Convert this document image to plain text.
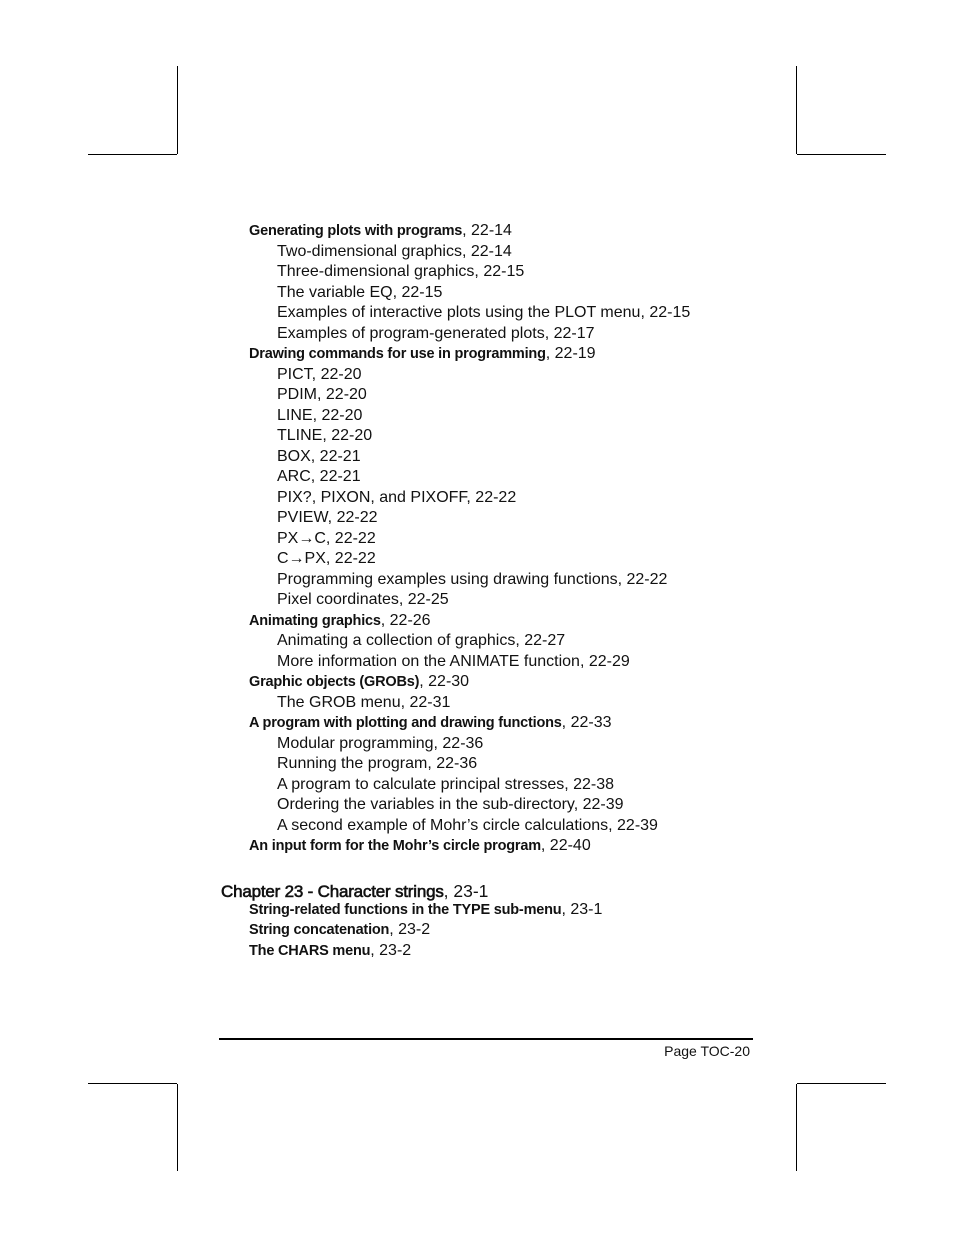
Generating plots with programs, 22-14
Two-dimensional graphics, 22-14
Three-dimensional graphics, 22-15
The variable EQ, 22-15
Examples of interactive plots using the PLOT menu, 22-15
Examples of program-generated plots, 22-17
Drawing commands for use in programming, 22-19
PICT, 22-20
PDIM, 22-20
LINE, 22-20
TLINE, 22-20
BOX, 22-21
ARC, 22-21
PIX?, PIXON, and PIXOFF, 22-22
PVIEW, 22-22
PX→C, 22-22
C→PX, 22-22
Programming examples using drawing functions, 22-22
Pixel coordinates, 22-25
Animating graphics, 22-26
Animating a collection of graphics, 22-27
More information on the ANIMATE function, 22-29
Graphic objects (GROBs), 22-30
The GROB menu, 22-31
A program with plotting and drawing functions, 22-33
Modular programming, 22-36
Running the program, 22-36
A program to calculate principal stresses, 22-38
Ordering the variables in the sub-directory, 22-39
A second example of Mohr’s circle calculations, 22-39
An input form for the Mohr’s circle program, 22-40
Chapter 23 - Character strings, 23-1
String-related functions in the TYPE sub-menu, 23-1
String concatenation, 23-2
The CHARS menu, 23-2
Page TOC-20
